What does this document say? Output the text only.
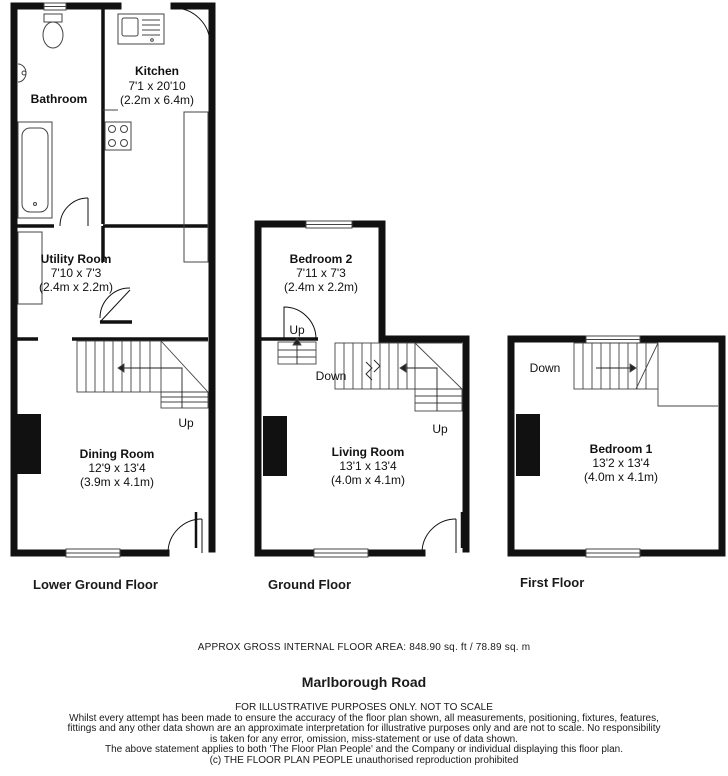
Bathroom
Kitchen
7'1 x 20'10
(2.2m x 6.4m)
Utility Room
7'10 x 7'3
(2.4m x 2.2m)
Up
Dining Room
12'9 x 13'4
(3.9m x 4.1m)
Bedroom 2
7'11 x 7'3
(2.4m x 2.2m)
Up
Down
Up
Living Room
13'1 x 13'4
(4.0m x 4.1m)
Down
Bedroom 1
13'2 x 13'4
(4.0m x 4.1m)
Lower Ground Floor	Ground Floor	First Floor
APPROX GROSS INTERNAL FLOOR AREA: 848.90 sq. ft / 78.89 sq. m
Marlborough Road
FOR ILLUSTRATIVE PURPOSES ONLY. NOT TO SCALE
Whilst every attempt has been made to ensure the accuracy of the floor plan shown, all measurements, positioning, fixtures, features,
fittings and any other data shown are an approximate interpretation for illustrative purposes only and are not to scale. No responsibility
is taken for any error, omission, miss-statement or use of data shown.
The above statement applies to both 'The Floor Plan People' and the Company or individual displaying this floor plan.
(c) THE FLOOR PLAN PEOPLE unauthorised reproduction prohibited
